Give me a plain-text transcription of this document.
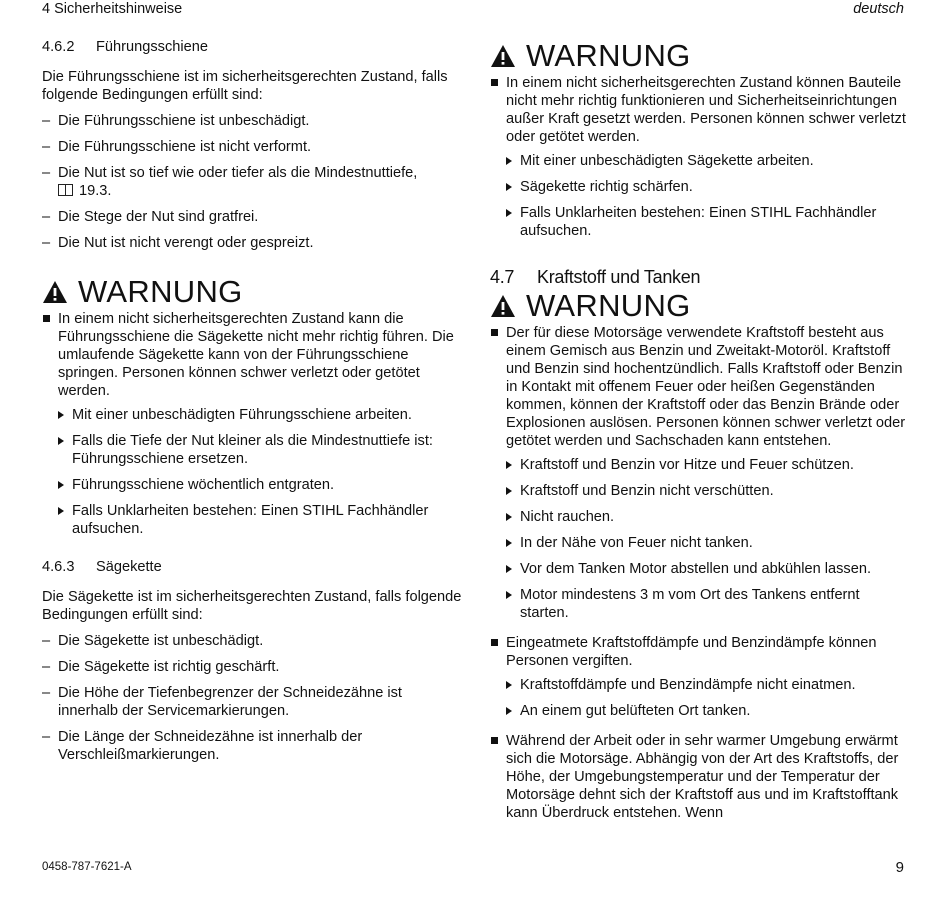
4 Sicherheitshinweise	deutsch
4.6.2 Führungsschiene

Die Führungsschiene ist im sicherheitsgerechten Zustand, falls folgende Bedingungen erfüllt sind:

– Die Führungsschiene ist unbeschädigt.
– Die Führungsschiene ist nicht verformt.
– Die Nut ist so tief wie oder tiefer als die Mindestnuttiefe,
19.3.
– Die Stege der Nut sind gratfrei.
– Die Nut ist nicht verengt oder gespreizt.
WARNUNG
In einem nicht sicherheitsgerechten Zustand kann die Führungsschiene die Sägekette nicht mehr richtig führen. Die umlaufende Sägekette kann von der Führungsschiene springen. Personen können schwer verletzt oder getötet werden.
Mit einer unbeschädigten Führungsschiene arbeiten.
Falls die Tiefe der Nut kleiner als die Mindestnuttiefe ist: Führungsschiene ersetzen.
Führungsschiene wöchentlich entgraten.
Falls Unklarheiten bestehen: Einen STIHL Fachhändler aufsuchen.
4.6.3 Sägekette

Die Sägekette ist im sicherheitsgerechten Zustand, falls folgende Bedingungen erfüllt sind:

– Die Sägekette ist unbeschädigt.
– Die Sägekette ist richtig geschärft.
– Die Höhe der Tiefenbegrenzer der Schneidezähne ist innerhalb der Servicemarkierungen.
– Die Länge der Schneidezähne ist innerhalb der Verschleißmarkierungen.
WARNUNG
In einem nicht sicherheitsgerechten Zustand können Bauteile nicht mehr richtig funktionieren und Sicherheitseinrichtungen außer Kraft gesetzt werden. Personen können schwer verletzt oder getötet werden.
Mit einer unbeschädigten Sägekette arbeiten.
Sägekette richtig schärfen.
Falls Unklarheiten bestehen: Einen STIHL Fachhändler aufsuchen.
4.7 Kraftstoff und Tanken
WARNUNG
Der für diese Motorsäge verwendete Kraftstoff besteht aus einem Gemisch aus Benzin und Zweitakt-Motoröl. Kraftstoff und Benzin sind hochentzündlich. Falls Kraftstoff oder Benzin in Kontakt mit offenem Feuer oder heißen Gegenständen kommen, können der Kraftstoff oder das Benzin Brände oder Explosionen auslösen. Personen können schwer verletzt oder getötet werden und Sachschaden kann entstehen.
Kraftstoff und Benzin vor Hitze und Feuer schützen.
Kraftstoff und Benzin nicht verschütten.
Nicht rauchen.
In der Nähe von Feuer nicht tanken.
Vor dem Tanken Motor abstellen und abkühlen lassen.
Motor mindestens 3 m vom Ort des Tankens entfernt starten.
Eingeatmete Kraftstoffdämpfe und Benzindämpfe können Personen vergiften.
Kraftstoffdämpfe und Benzindämpfe nicht einatmen.
An einem gut belüfteten Ort tanken.
Während der Arbeit oder in sehr warmer Umgebung erwärmt sich die Motorsäge. Abhängig von der Art des Kraftstoffs, der Höhe, der Umgebungstemperatur und der Temperatur der Motorsäge dehnt sich der Kraftstoff aus und im Kraftstofftank kann Überdruck entstehen. Wenn
0458-787-7621-A	9
